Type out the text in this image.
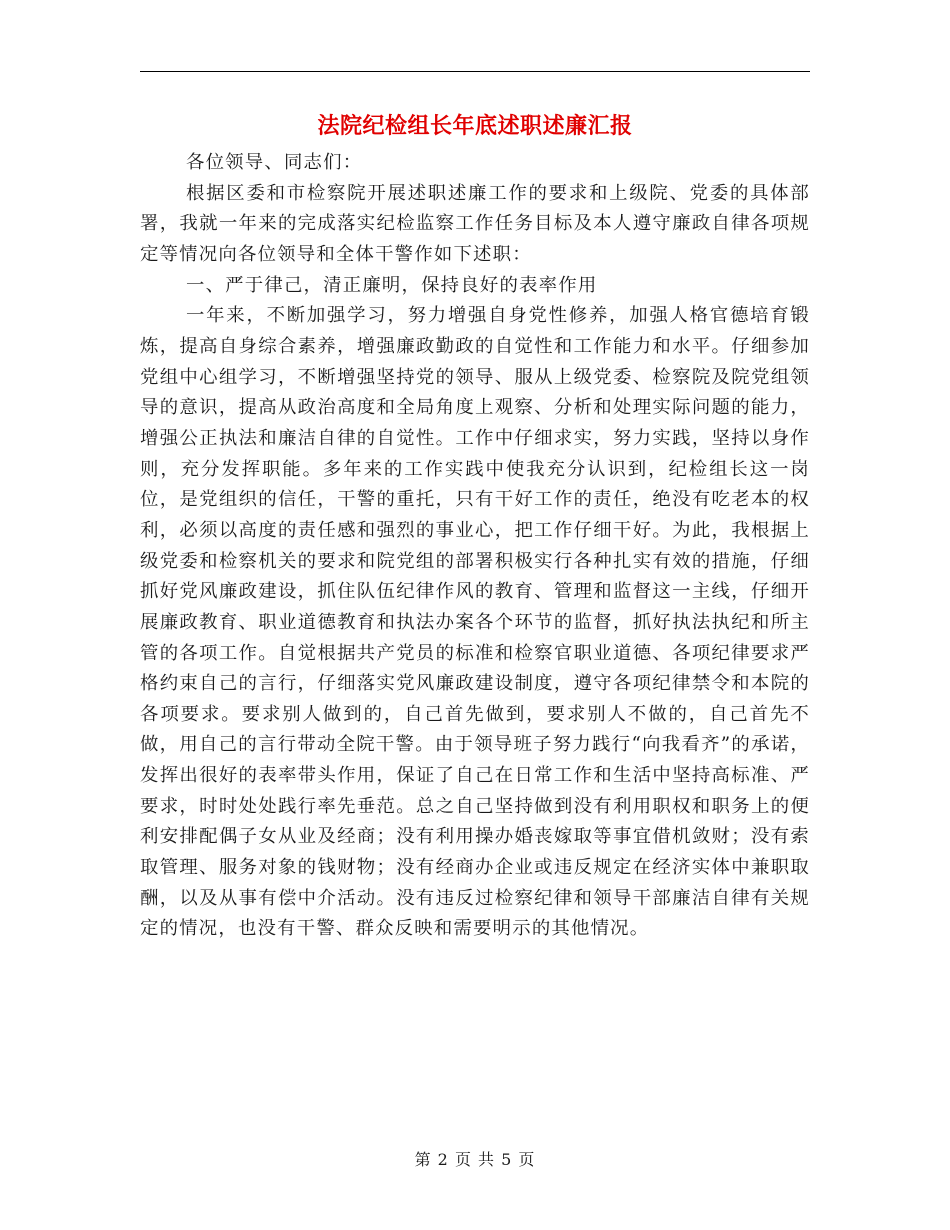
法院纪检组长年底述职述廉汇报

各位领导、同志们：

根据区委和市检察院开展述职述廉工作的要求和上级院、党委的具体部署，我就一年来的完成落实纪检监察工作任务目标及本人遵守廉政自律各项规定等情况向各位领导和全体干警作如下述职：

一、严于律己，清正廉明，保持良好的表率作用

一年来，不断加强学习，努力增强自身党性修养，加强人格官德培育锻炼，提高自身综合素养，增强廉政勤政的自觉性和工作能力和水平。仔细参加党组中心组学习，不断增强坚持党的领导、服从上级党委、检察院及院党组领导的意识，提高从政治高度和全局角度上观察、分析和处理实际问题的能力，增强公正执法和廉洁自律的自觉性。工作中仔细求实，努力实践，坚持以身作则，充分发挥职能。多年来的工作实践中使我充分认识到，纪检组长这一岗位，是党组织的信任，干警的重托，只有干好工作的责任，绝没有吃老本的权利，必须以高度的责任感和强烈的事业心，把工作仔细干好。为此，我根据上级党委和检察机关的要求和院党组的部署积极实行各种扎实有效的措施，仔细抓好党风廉政建设，抓住队伍纪律作风的教育、管理和监督这一主线，仔细开展廉政教育、职业道德教育和执法办案各个环节的监督，抓好执法执纪和所主管的各项工作。自觉根据共产党员的标准和检察官职业道德、各项纪律要求严格约束自己的言行，仔细落实党风廉政建设制度，遵守各项纪律禁令和本院的各项要求。要求别人做到的，自己首先做到，要求别人不做的，自己首先不做，用自己的言行带动全院干警。由于领导班子努力践行“向我看齐”的承诺，发挥出很好的表率带头作用，保证了自己在日常工作和生活中坚持高标准、严要求，时时处处践行率先垂范。总之自己坚持做到没有利用职权和职务上的便利安排配偶子女从业及经商；没有利用操办婚丧嫁取等事宜借机敛财；没有索取管理、服务对象的钱财物；没有经商办企业或违反规定在经济实体中兼职取酬，以及从事有偿中介活动。没有违反过检察纪律和领导干部廉洁自律有关规定的情况，也没有干警、群众反映和需要明示的其他情况。

第 2 页 共 5 页
